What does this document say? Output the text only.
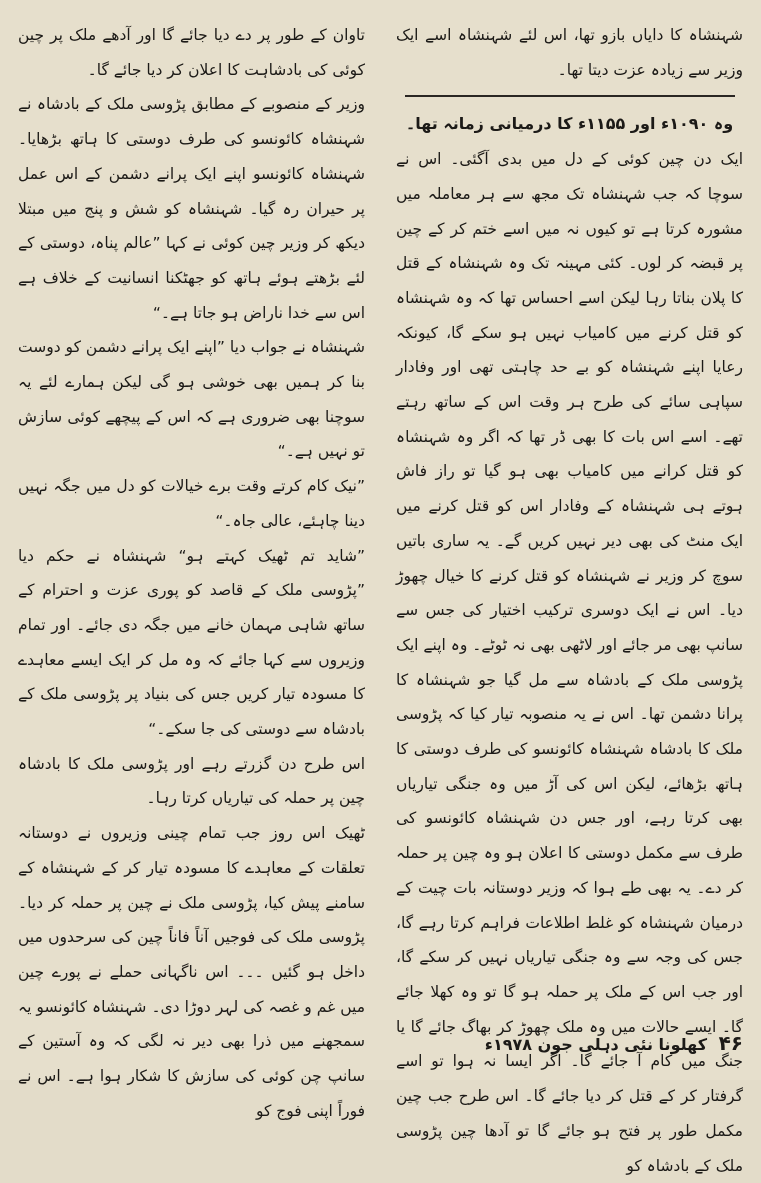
شہنشاہ کا دایاں بازو تھا، اس لئے شہنشاہ اسے ایک وزیر سے زیادہ عزت دیتا تھا۔

وہ ۱۰۹۰ء اور ۱۱۵۵ء کا درمیانی زمانہ تھا۔

ایک دن چین کوئی کے دل میں بدی آگئی۔ اس نے سوچا کہ جب شہنشاہ تک مجھ سے ہر معاملہ میں مشورہ کرتا ہے تو کیوں نہ میں اسے ختم کر کے چین پر قبضہ کر لوں۔ کئی مہینہ تک وہ شہنشاہ کے قتل کا پلان بناتا رہا لیکن اسے احساس تھا کہ وہ شہنشاہ کو قتل کرنے میں کامیاب نہیں ہو سکے گا، کیونکہ رعایا اپنے شہنشاہ کو بے حد چاہتی تھی اور وفادار سپاہی سائے کی طرح ہر وقت اس کے ساتھ رہتے تھے۔ اسے اس بات کا بھی ڈر تھا کہ اگر وہ شہنشاہ کو قتل کرانے میں کامیاب بھی ہو گیا تو راز فاش ہوتے ہی شہنشاہ کے وفادار اس کو قتل کرنے میں ایک منٹ کی بھی دیر نہیں کریں گے۔ یہ ساری باتیں سوچ کر وزیر نے شہنشاہ کو قتل کرنے کا خیال چھوڑ دیا۔ اس نے ایک دوسری ترکیب اختیار کی جس سے سانپ بھی مر جائے اور لاٹھی بھی نہ ٹوٹے۔ وہ اپنے ایک پڑوسی ملک کے بادشاہ سے مل گیا جو شہنشاہ کا پرانا دشمن تھا۔ اس نے یہ منصوبہ تیار کیا کہ پڑوسی ملک کا بادشاہ شہنشاہ کائونسو کی طرف دوستی کا ہاتھ بڑھائے، لیکن اس کی آڑ میں وہ جنگی تیاریاں بھی کرتا رہے، اور جس دن شہنشاہ کائونسو کی طرف سے مکمل دوستی کا اعلان ہو وہ چین پر حملہ کر دے۔ یہ بھی طے ہوا کہ وزیر دوستانہ بات چیت کے درمیان شہنشاہ کو غلط اطلاعات فراہم کرتا رہے گا، جس کی وجہ سے وہ جنگی تیاریاں نہیں کر سکے گا، اور جب اس کے ملک پر حملہ ہو گا تو وہ کھلا جائے گا۔ ایسے حالات میں وہ ملک چھوڑ کر بھاگ جائے گا یا جنگ میں کام آ جائے گا۔ اگر ایسا نہ ہوا تو اسے گرفتار کر کے قتل کر دیا جائے گا۔ اس طرح جب چین مکمل طور پر فتح ہو جائے گا تو آدھا چین پڑوسی ملک کے بادشاہ کو

تاوان کے طور پر دے دیا جائے گا اور آدھے ملک پر چین کوئی کی بادشاہت کا اعلان کر دیا جائے گا۔

وزیر کے منصوبے کے مطابق پڑوسی ملک کے بادشاہ نے شہنشاہ کائونسو کی طرف دوستی کا ہاتھ بڑھایا۔ شہنشاہ کائونسو اپنے ایک پرانے دشمن کے اس عمل پر حیران رہ گیا۔ شہنشاہ کو شش و پنج میں مبتلا دیکھ کر وزیر چین کوئی نے کہا ”عالم پناہ، دوستی کے لئے بڑھتے ہوئے ہاتھ کو جھٹکنا انسانیت کے خلاف ہے اس سے خدا ناراض ہو جاتا ہے۔“

شہنشاہ نے جواب دیا ”اپنے ایک پرانے دشمن کو دوست بنا کر ہمیں بھی خوشی ہو گی لیکن ہمارے لئے یہ سوچنا بھی ضروری ہے کہ اس کے پیچھے کوئی سازش تو نہیں ہے۔“

”نیک کام کرتے وقت برے خیالات کو دل میں جگہ نہیں دینا چاہئے، عالی جاہ۔“

”شاید تم ٹھیک کہتے ہو“ شہنشاہ نے حکم دیا ”پڑوسی ملک کے قاصد کو پوری عزت و احترام کے ساتھ شاہی مہمان خانے میں جگہ دی جائے۔ اور تمام وزیروں سے کہا جائے کہ وہ مل کر ایک ایسے معاہدے کا مسودہ تیار کریں جس کی بنیاد پر پڑوسی ملک کے بادشاہ سے دوستی کی جا سکے۔“

اس طرح دن گزرتے رہے اور پڑوسی ملک کا بادشاہ چین پر حملہ کی تیاریاں کرتا رہا۔

ٹھیک اس روز جب تمام چینی وزیروں نے دوستانہ تعلقات کے معاہدے کا مسودہ تیار کر کے شہنشاہ کے سامنے پیش کیا، پڑوسی ملک نے چین پر حملہ کر دیا۔ پڑوسی ملک کی فوجیں آناً فاناً چین کی سرحدوں میں داخل ہو گئیں ۔۔۔ اس ناگہانی حملے نے پورے چین میں غم و غصہ کی لہر دوڑا دی۔ شہنشاہ کائونسو یہ سمجھنے میں ذرا بھی دیر نہ لگی کہ وہ آستین کے سانپ چن کوئی کی سازش کا شکار ہوا ہے۔ اس نے فوراً اپنی فوج کو

۴۶ کھلونا نئی دہلی جون ۱۹۷۸ء
